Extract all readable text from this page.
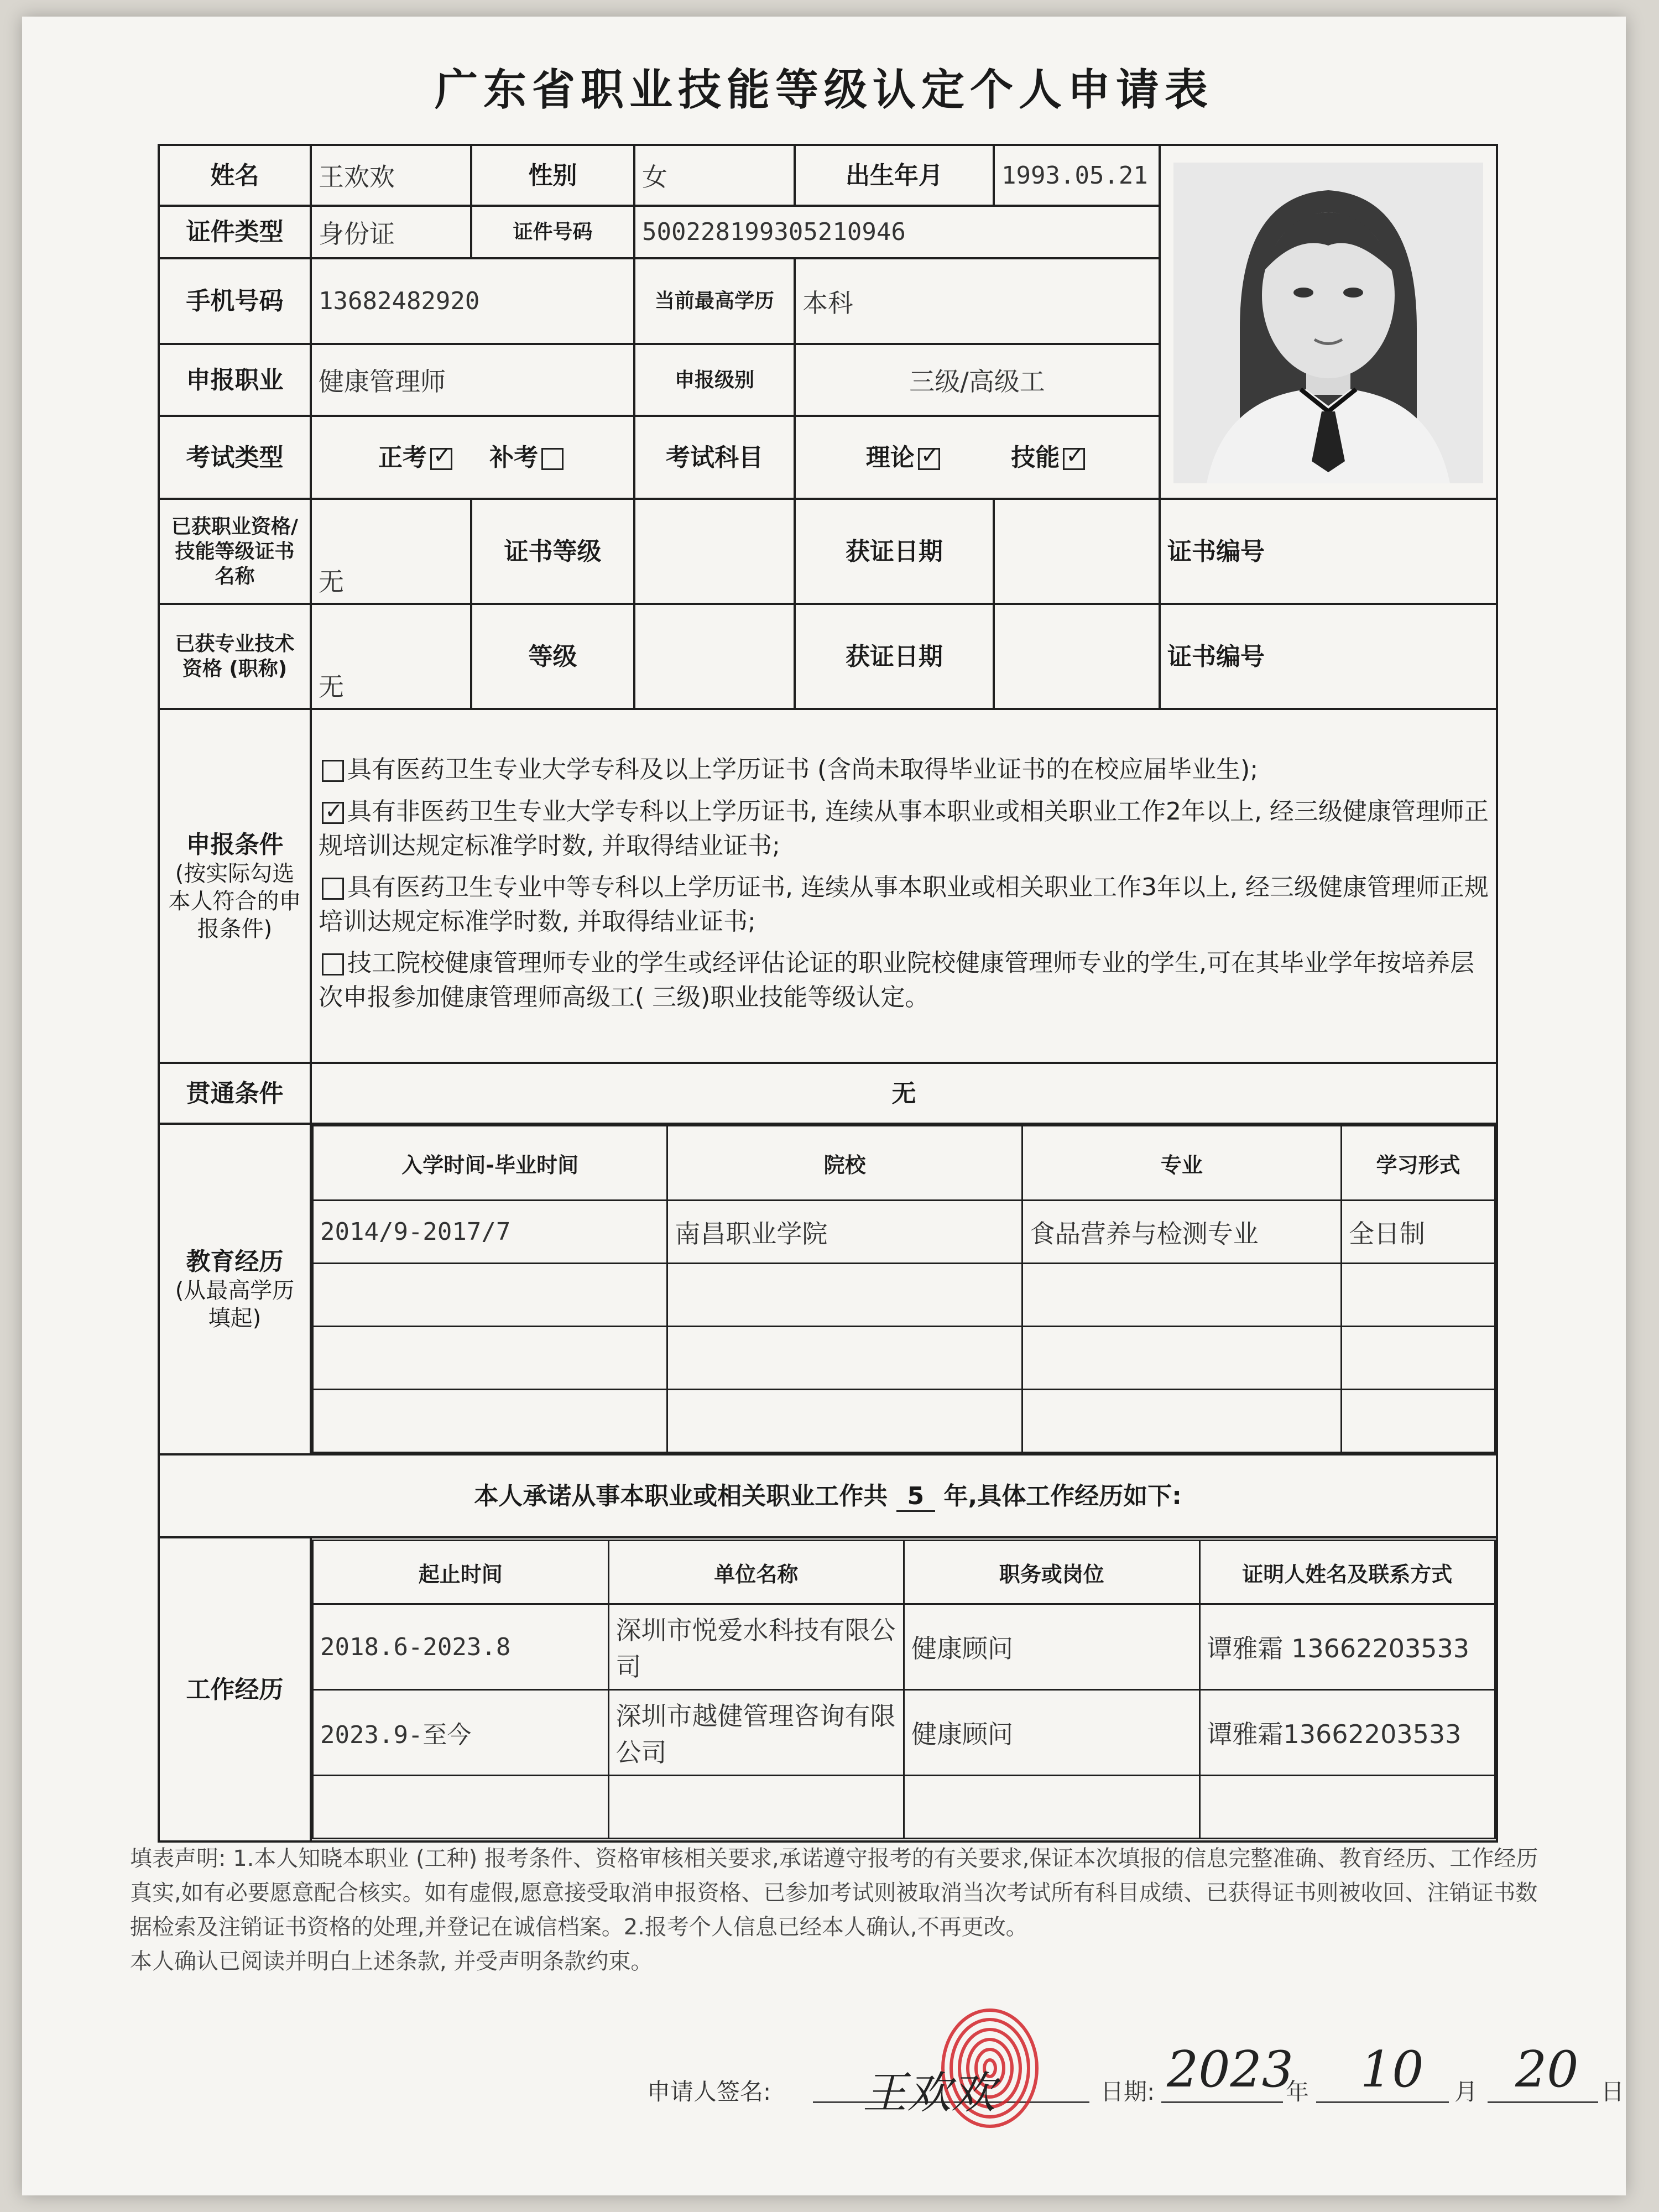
广东省职业技能等级认定个人申请表
姓名	王欢欢	性别	女	出生年月	1993.05.21	

证件类型	身份证	证件号码	500228199305210946
手机号码	13682482920	当前最高学历	本科
申报职业	健康管理师	申报级别	三级/高级工
考试类型	正考 ✓	补考	考试科目	理论 ✓	技能✓
已获职业资格/技能等级证书名称	无	证书等级		获证日期		证书编号
已获专业技术资格 (职称)	无	等级		获证日期		证书编号

申报条件
(按实际勾选本人符合的申报条件)

具有医药卫生专业大学专科及以上学历证书 (含尚未取得毕业证书的在校应届毕业生);

✓具有非医药卫生专业大学专科以上学历证书, 连续从事本职业或相关职业工作2年以上, 经三级健康管理师正规培训达规定标准学时数, 并取得结业证书;

具有医药卫生专业中等专科以上学历证书, 连续从事本职业或相关职业工作3年以上, 经三级健康管理师正规培训达规定标准学时数, 并取得结业证书;

技工院校健康管理师专业的学生或经评估论证的职业院校健康管理师专业的学生,可在其毕业学年按培养层次申报参加健康管理师高级工( 三级)职业技能等级认定。

贯通条件	无

教育经历
(从最高学历填起)

入学时间-毕业时间	院校	专业	学习形式
2014/9-2017/7	南昌职业学院	食品营养与检测专业	全日制

本人承诺从事本职业或相关职业工作共 5 年,具体工作经历如下:
工作经历	
起止时间	单位名称	职务或岗位	证明人姓名及联系方式
2018.6-2023.8	深圳市悦爱水科技有限公司	健康顾问	谭雅霜 13662203533
2023.9-至今	深圳市越健管理咨询有限公司	健康顾问	谭雅霜13662203533

填表声明: 1.本人知晓本职业 (工种) 报考条件、资格审核相关要求,承诺遵守报考的有关要求,保证本次填报的信息完整准确、教育经历、工作经历真实,如有必要愿意配合核实。如有虚假,愿意接受取消申报资格、已参加考试则被取消当次考试所有科目成绩、已获得证书则被收回、注销证书数据检索及注销证书资格的处理,并登记在诚信档案。2.报考个人信息已经本人确认,不再更改。
本人确认已阅读并明白上述条款, 并受声明条款约束。
申请人签名: 王欢欢	日期: 2023
年 10 月 20 日
